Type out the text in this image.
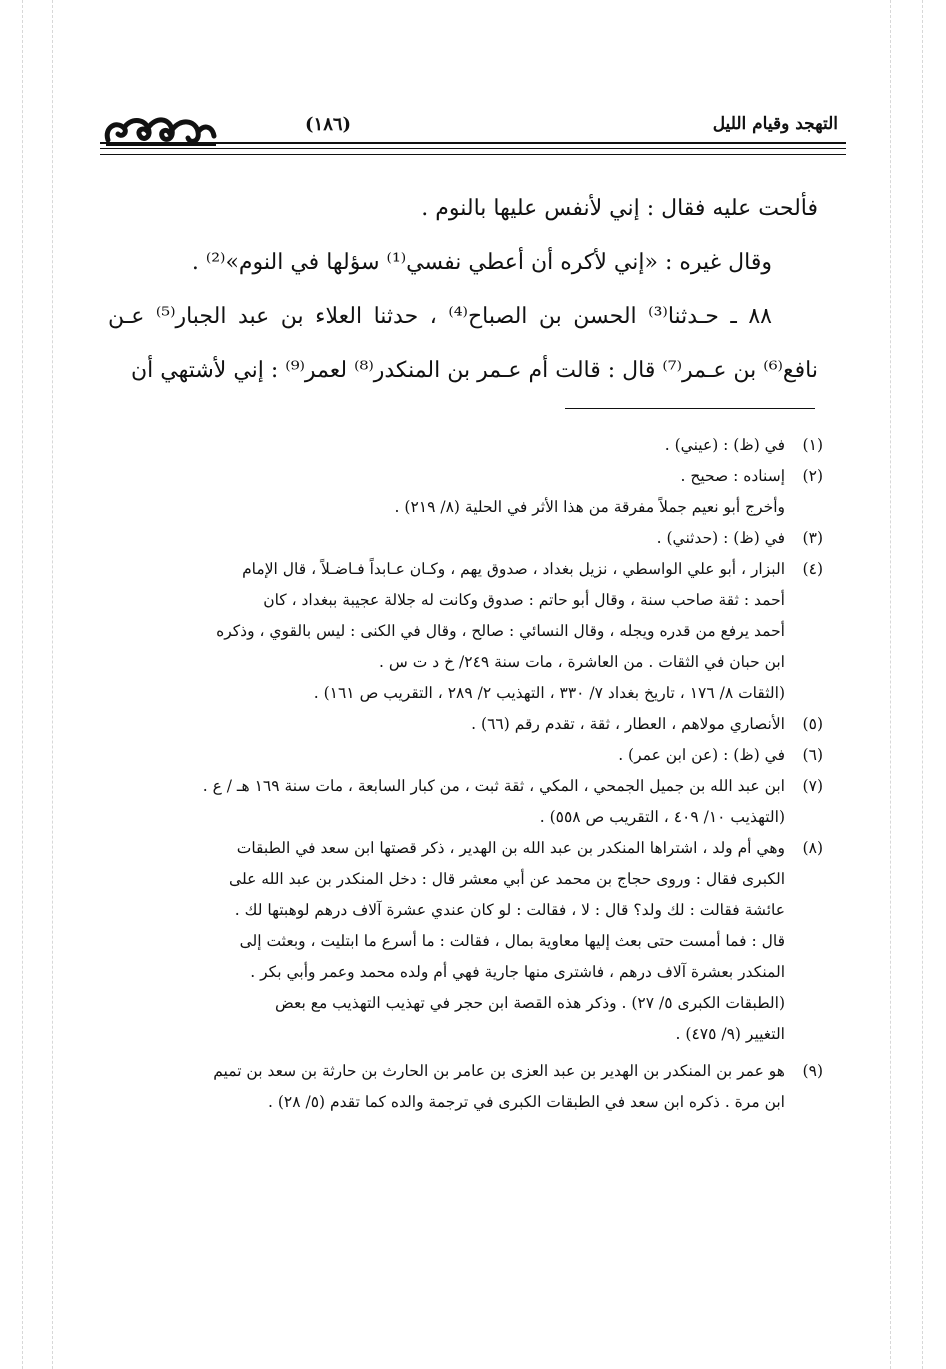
التهجد وقيام الليل
(١٨٦)

فألحت عليه فقال : إني لأنفس عليها بالنوم .

وقال غيره : «إني لأكره أن أعطي نفسي⁽¹⁾ سؤلها في النوم»⁽²⁾ .

٨٨ ـ حـدثنا⁽³⁾ الحسن بن الصباح⁽⁴⁾ ، حدثنا العلاء بن عبد الجبار⁽⁵⁾ عـن نافع⁽⁶⁾ بن عـمر⁽⁷⁾ قال : قالت أم عـمر بن المنكدر⁽⁸⁾ لعمر⁽⁹⁾ : إني لأشتهي أن

(١)
في (ظ) : (عيني) .
(٢)
إسناده : صحيح .
وأخرج أبو نعيم جملاً مفرقة من هذا الأثر في الحلية (٨/ ٢١٩) .
(٣)
في (ظ) : (حدثني) .
(٤)
البزار ، أبو علي الواسطي ، نزيل بغداد ، صدوق يهم ، وكـان عـابداً فـاضـلاً ، قال الإمام
أحمد : ثقة صاحب سنة ، وقال أبو حاتم : صدوق وكانت له جلالة عجيبة ببغداد ، كان
أحمد يرفع من قدره ويجله ، وقال النسائي : صالح ، وقال في الكنى : ليس بالقوي ، وذكره
ابن حبان في الثقات . من العاشرة ، مات سنة ٢٤٩/ خ د ت س .
(الثقات ٨/ ١٧٦ ، تاريخ بغداد ٧/ ٣٣٠ ، التهذيب ٢/ ٢٨٩ ، التقريب ص ١٦١) .
(٥)
الأنصاري مولاهم ، العطار ، ثقة ، تقدم رقم (٦٦) .
(٦)
في (ظ) : (عن ابن عمر) .
(٧)
ابن عبد الله بن جميل الجمحي ، المكي ، ثقة ثبت ، من كبار السابعة ، مات سنة ١٦٩ هـ / ع .
(التهذيب ١٠/ ٤٠٩ ، التقريب ص ٥٥٨) .
(٨)
وهي أم ولد ، اشتراها المنكدر بن عبد الله بن الهدير ، ذكر قصتها ابن سعد في الطبقات
الكبرى فقال : وروى حجاج بن محمد عن أبي معشر قال : دخل المنكدر بن عبد الله على
عائشة فقالت : لك ولد؟ قال : لا ، فقالت : لو كان عندي عشرة آلاف درهم لوهبتها لك .
قال : فما أمست حتى بعث إليها معاوية بمال ، فقالت : ما أسرع ما ابتليت ، وبعثت إلى
المنكدر بعشرة آلاف درهم ، فاشترى منها جارية فهي أم ولده محمد وعمر وأبي بكر .
(الطبقات الكبرى ٥/ ٢٧) . وذكر هذه القصة ابن حجر في تهذيب التهذيب مع بعض
التغيير (٩/ ٤٧٥) .
(٩)
هو عمر بن المنكدر بن الهدير بن عبد العزى بن عامر بن الحارث بن حارثة بن سعد بن تميم
ابن مرة . ذكره ابن سعد في الطبقات الكبرى في ترجمة والده كما تقدم (٥/ ٢٨) .
